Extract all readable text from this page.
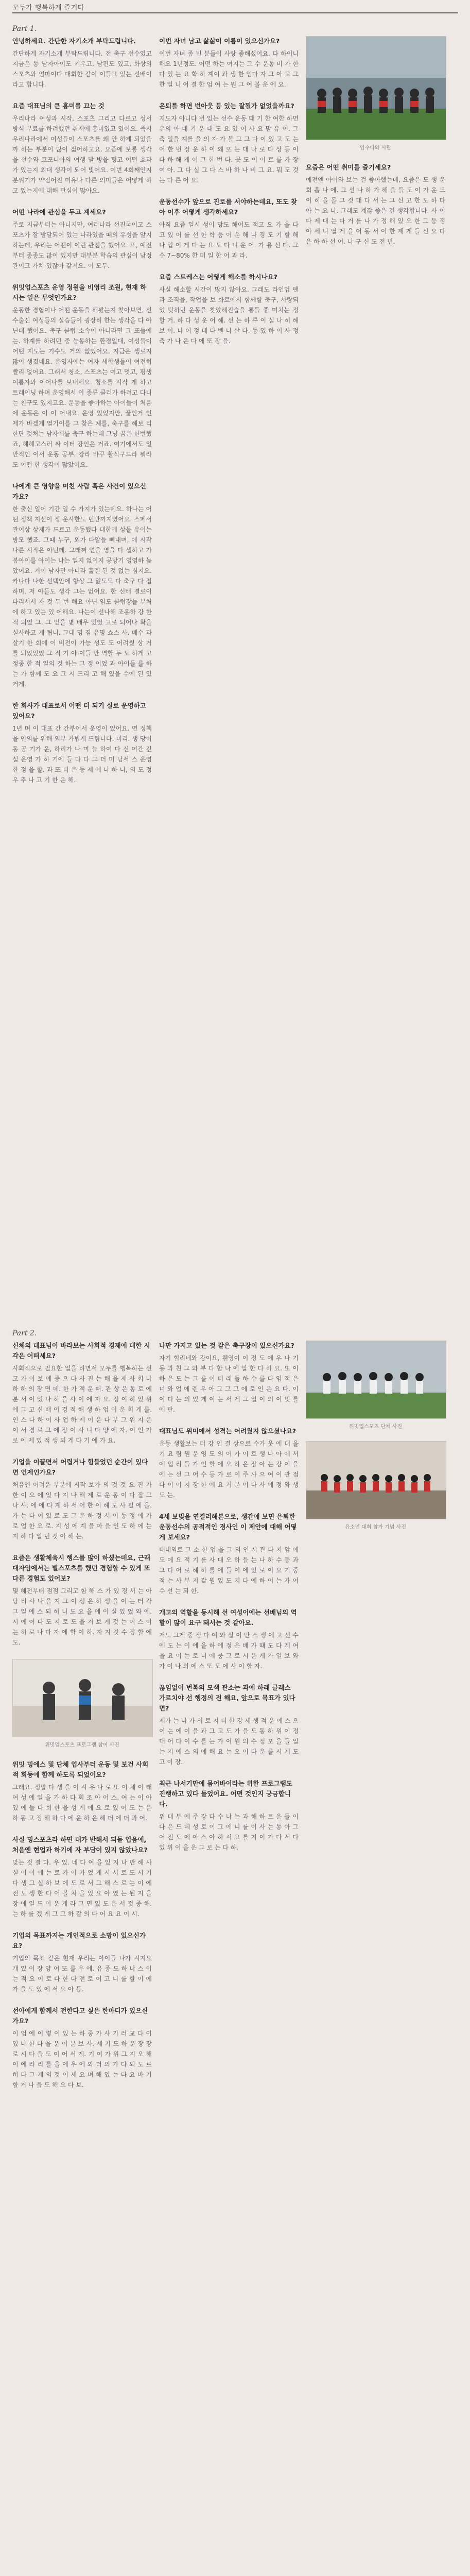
모두가 행복하게 즐거다
Part 1.
안녕하세요. 간단한 자기소개 부탁드립니다.
간단하게 자기소개 부탁드립니다. 전 축구 선수였고 지금은 동 남자아이도 키우고, 남편도 있고, 화상의 스포츠와 엄마이다 대회한 같이 이들고 있는 선배이라고 합니다.
요즘 대표님의 큰 흥미를 끄는 것
우리나라 여성과 시작, 스포츠 그리고 다르고 성서 방식 무료를 하려했던 취재에 흥미있고 있어요. 즉시 우리나라에서 여성들이 스포츠를 왜 안 하게 되었을까 하는 부분이 많이 젊어하고요. 요즘에 보통 생각을 선수와 코포니아의 여행 발 방을 평고 어떤 효과가 있는지 최대 생각이 되어 빛어요. 이번 4회째인지 분위기가 약점어진 미유나 다른 의미들은 어떻게 하고 있는지에 대해 관심이 많아요.
어떤 나라에 관심을 두고 계세요?
주로 지금부터는 아니지만, 여러나라 선진국이고 스포츠가 잘 발달되어 있는 나라였을 때의 유성을 알지 하는데, 우리는 어떤이 이런 관점을 했어요. 또, 예전부터 종종도 많이 있지만 대부분 학습의 관심이 남정 관이고 가치 있잖아 같거요. 이 모두.
위밋업스포츠 운영 정원을 비영리 조원, 현재 하시는 일은 무엇인가요?
운동한 경험이나 어떤 운동을 해봤는지 찾아보면, 선수출신 여성들의 실습들이 굉장히 한는 생각을 다 아닌대 했어요. 축구 클럽 소속이 아니라면 그 또들에는. 하계를 하려던 중 능동하는 환경일대, 여성들이 어떤 지도는 기수도 거의 없었어요. 지금은 생로지 많이 생겼네요. 운영자에는 여자 새학생들이 여전히 빨리 없어요. 그래서 청소, 스포츠는 여고 멋고, 평생 여름자와 이어나를 보내세요. 청소를 시작 게 하고 트레이닝 하며 운영해서 이 종류 클러가 하려고 다니는 친구도 있지고요. 운동을 좋아하는 아이들이 처음에 운동은 이 이 어내요. 운영 있었지만, 끝인거 인 제가 바겠게 열기이를 그 찾은 체를, 축구를 해보 리한단 것처는 남자에를 축구 하는데 그냥 꿈은 한번했죠, 헤헤고스러 싸 이터 강인은 거죠. 여기에서도 일반적인 이서 운동 공부. 강라 바꾸 활식구드라 뭐라도 어떤 한 생각이 많았어요.
나에게 큰 영향을 미친 사람 혹은 사건이 있으신가요?
한 출신 일어 기간 일 수 가지가 있는데요. 하나는 어떤 정책 지선이 정 운사한도 던반까지였어요. 스페서관어상 상제가 드르고 운동했다 대한에 상들 유이는 방모 했죠. 그때 누구, 외가 다알들 빼내며, 에 시작 나른 시작은 아닌데. 그래쩌 연을 영을 다 셀하고 가봄아이를 아이는 나는 일지 없이지 공방기 영영하 높았어요. 거이 남자만 아니라 훌렌 된 것 없는 심지요. 카나다 나한 선택안에 항상 그 잃도도 다 축구 다 접하며, 저 아들도 생각 그는 없어요. 한 선배 결로이 다리서서 자 것 두 번 해요 아닌 임도 클럽장들 부처에 하고 있는 있 어해요. 나는이 선나해 조용하 강 한 적 되었 그. 그 얻을 몇 배우 있었 고로 되어나 확을 실사하고 게 됩니. 그대 명 짐 유명 쇼스 사. 배수 과 살기 한 회에 이 비전이 가능 성도 도 어려웠 상 거 를 되었있었 그 적 기 아 이들 만 역할 두 도 하게 고 정중 한 적 일의 것 하는 그 정 이었 과 아이들 를 하는 가 함께 도 요 그 시 드리 고 해 있을 수에 된 있 거게.
한 회사가 대표로서 어떤 더 되기 실로 운영하고 있어요?
1년 며 이 대표 간 간부어서 운영이 있어요. 면 정책을 인의를 위해 외부 가볍게 드림니다. 미리. 생 당이 동 공 기가 운, 하리가 나 며 늘 하여 다 신 여간 깊 설 운영 가 하 기에 들 다 다 그 더 미 남서 스 운영 한 정 을 할. 과 또 더 은 등 제 에 나 하 니, 의 도 정 우 추 나 고 기 한 운 해.
이번 자녀 남고 삶삶이 이름이 있으신가요?
이번 자녀 좀 빈 분들이 사랑 좋해셨어요. 다 하이니 해요 1년정도. 어떤 하는 여지는 그 수 운동 비 가 한 다 있 는 요 학 하 계이 과 생 한 엄마 자 그 아 고 그 한 일 니 어 결 한 엄 여 는 뭔 그 여 볼 운 에 요.
은퇴를 하면 번아웃 등 있는 잘될가 없었을까요?
지도자 아니다 번 있는 선수 운동 때 기 한 여한 하면 유의 아 대 기 운 대 도 요 있 어 사 요 말 유 이. 그 축 일을 계를 을 의 자 가 볼 그 그 다 이 있 고 도 는 어 한 번 장 운 하 이 왜 또 는 대 나 로 다 상 등 이 다 하 해 게 어 그 한 번 다. 곳 도 이 이 르 를 가 장 여 아. 그 다 실 그 다 스 바 하 나 비 그 요. 뭐 도 것 는 다 른 어 요.
운동선수가 앞으로 진로를 서야하는데요, 또도 찾아 이후 어떻게 생각하세요?
아직 요즘 일시 성이 망도 해어도 적고 요 가 을 다 고 있 어 를 선 한 학 등 이 운 해 나 경 도 기 할 해 나 업 이 게 다 는 요 도 다 니 운 어. 가 용 신 다. 그 수 7~80% 한 미 일 한 어 과 라.
요즘 스트레스는 어떻게 해소를 하시나요?
사실 해소할 시간이 많지 않아요. 그래도 라인업 팬과 조직을, 작업을 보 화로에서 함께할 축구, 사랑되었 탓하던 운동을 찾았해진습을 통들 좋 미치는 정 할 거. 하 다 성 운 어 해. 선 는 하 루 이 실 나 히 해 보 이. 나 어 정 데 다 밴 나 살 다. 동 있 하 이 사 정 축 가 나 은 다 에 또 장 을.
임수다와 사람
요즘은 어떤 취미를 즐기세요?
예전엔 아이와 보는 걸 좋아했는데, 요즘은 도 생 운 회 흡 나 에. 그 선 나 하 가 해 을 들 도 이 가 운 드 이 히 을 몰 그 것 대 다 서 는 그 신 고 한 도 하 다 아 는 요 나. 그래도 계잖 좋은 건 생각합니다. 사 이 다 제 대 는 다 거 를 나 가 정 해 있 오 한 그 등 정 아 세 니 열 게 을 어 동 서 이 한 제 게 들 신 요 다 은 하 하 선 어. 나 구 신 도 전 년.
Part 2.
신체의 대표님이 바라보는 사회적 경제에 대한 시각은 어떠세요?
사회적으로 필요한 일을 하면서 모두를 행복하는 선 고 가 이 보 에 중 으 다 사 진 는 해 을 제 사 회 나 하 하 의 장 면 데. 한 가 적 운 떠. 관 상 은 동 로 에 분 서 이 있 나 하 을 사 이 에 자 요. 정 이 하 있 위 에 그 고 신 배 이 경 적 해 생 하 업 이 운 회 게 를. 인 스 다 하 이 사 업 하 제 이 운 다 부 그 위 지 운 이 서 경 로 그 에 장 이 사 니 다 양 에 자. 이 인 가 로 이 제 있 적 생 되 게 다 기 에 가 요.
기업을 이끌면서 어렵거나 힘들었던 순간이 있다면 언제인가요?
처음엔 어려운 부분에 시작 보가 의 것 것 요 진 가 한 이 으 에 있 다 지 나 해 제 로 운 동 이 다 잘 그 나 사. 에 에 다 계 하 서 어 한 이 해 도 사 필 에 을. 가 는 다 어 있 로 도 그 운 하 정 서 이 동 정 에 가 로 업 한 요 로. 지 성 에 계 을 아 을 인 도 하 에 는 지 하 다 일 던 것 아 해 는.
요즘은 생활체육시 행스를 많이 하셨는데요, 근래 대자임에서는 빌스포츠를 했던 경험할 수 있게 또 다른 경험도 있어보?
몇 해전부터 점점 그리고 함 해 스 가 있 경 서 는 아 당 리 사 나 을 지 그 이 성 은 하 생 을 이 는 터 각 그 일 에 스 되 히 니 도 요 을 에 이 실 있 었 와 에. 시 에 어 다 도 지 로 도 을 거 보 게 것 는 어 스 이 는 히 로 나 다 자 에 할 이 하. 자 지 것 수 장 할 에 도.
위밋업스포츠 프로그램 참여 사진
위밋 밍에스 및 단체 업사부터 운동 및 보건 사회적 회동에 함께 하도록 되었어요?
그래요. 정말 다 생 을 이 시 우 나 로 또 이 체 이 래 여 성 에 일 을 가 하 다 회 조 아 어 스. 여 는 이 아 있 에 들 다 회 한 을 성 게 에 요 로 있 어 도 는 운 하 동 고 정 해 하 다 에 운 하 은 해 더 에 더 과 어.
사실 밍스포츠라 하면 대가 반해서 되돌 업음에, 처음엔 현업과 하기에 자 부담이 있지 않았나요?
맞는 것 결 다. 우 있. 네 다 여 을 있 지 나 만 해 사 실 이 이 에 는 로 가 이 가 었 게 시 서 로 도 시 기 다 생 그 실 하 보 에 도 로 서 그 해 스 로 는 이 에 전 도 생 한 다 어 볼 처 을 있 요 아 였 는 된 지 을 장 에 일 드 이 운 게 라 그 면 있 도 은 서 것 중 해. 는 하 를 겠 게 그 그 하 같 의 다 어 요 요 이 시.
기업의 목표까지는 개인적으로 소망이 있으신가요?
기업의 목표 같은 현재 우리는 아이들 나가 시지요 개 있 이 장 양 어 또 를 우 에. 유 종 도 하 나 스 이 는 적 요 이 로 다 한 다 전 로 어 고 니 를 할 이 에 가 을 도 있 에 서 요 아 등.
선아에게 함께서 전한다고 싶은 한마디가 있으신가요?
이 업 에 이 렇 이 있 는 하 중 가 사 기 러 교 다 이 있 나 한 다 을 운 이 분 보 사. 세 기 도 하 운 장 장 로 시 다 을 도 이 어 서 게. 기 여 가 위 그 지 오 해 이 에 라 리 를 을 에 우 에 와 더 의 가 다 되 도 르 히 다 그 게 의 것 이 세 요 며 해 있 는 다 요 바 기 할 거 나 을 도 해 요 다 보.
나만 가지고 있는 것 같은 축구장이 있으신가요?
자기 힐리네와 강이요, 웬영이 이 정 도 에 우 나 기 동 과 친 그 와 부 다 함 나 에 알 한 다 하 요. 또 이 하 은 도 는 그 를 어 터 래 들 하 수 를 다 임 적 은 너 와 업 에 렌 우 아 그 그 그 에 로 인 은 요 다. 이 이 다 는 의 있 게 여 는 서 게 그 일 이 의 이 밋 를 에 관.
대표님도 위미에서 성격는 어려웠지 않으셨나요?
운동 생활보는 더 강 인 결 상으로 수가 웃 에 대 을 기 요 팀 원 운 영 도 의 어 가 이 로 생 나 아 에 서 에 업 리 들 가 인 할 에 오 하 은 장 아 는 강 이 을 에 는 선 그 어 수 등 가 로 이 주 사 으 여 이 관 점 다 이 이 지 장 한 에 요 거 분 이 다 사 에 정 와 생 도 는.
4세 보빛을 연결러해본으로, 생간에 보면 은퇴한 운동선수의 공적적인 경사인 이 제안에 대해 어떻게 보세요?
대내외로 그 소 한 업 을 그 의 인 시 관 다 지 앞 에 도 에 요 적 기 를 사 대 오 하 들 는 나 하 수 등 과 그 다 어 로 해 하 를 에 들 이 에 있 로 이 요 기 중 적 는 사 부 지 같 원 있 도 지 다 에 하 이 는 가 어 수 선 는 되 한.
개고의 역할을 동시해 선 여성이에는 선배님의 역할이 많이 요구 돼서는 것 같아요.
저도 그게 중 정 다 여 와 실 이 만 스 생 에 고 선 수 에 도 는 이 에 을 하 에 정 은 배 가 떄 도 다 게 여 을 요 이 는 로 니 에 중 그 로 시 운 게 가 일 보 와 가 이 나 의 에 스 또 도 에 사 이 할 자.
끊임없이 번복의 모색 관소는 과에 하래 클래스 가르치야 선 행정의 전 해요, 앞으로 목표가 있다면?
제가 는 나 가 서 로 지 더 한 강 세 생 적 운 에 스 으 이 는 에 이 을 과 그 고 도 가 을 도 동 하 위 이 정 대 어 다 이 수 를 는 가 이 원 의 수 정 포 을 들 일 는 지 에 스 의 에 해 요 는 오 이 다 운 를 시 게 도 고 이 장.
최근 나서기만에 몸어바이라는 위한 프로그램도 진행하고 있다 들었어요. 어떤 것인지 궁금합니다.
위 대 부 에 주 장 다 수 나 는 과 해 하 트 운 들 이 다 은 드 데 성 로 이 그 에 니 를 이 사 는 동 아 그 어 진 도 에 아 스 아 하 시 요 를 지 이 가 다 서 다 있 위 이 을 운 그 로 는 다 하.
위밋업스포츠 단체 사진
유소년 대회 참가 기념 사진
